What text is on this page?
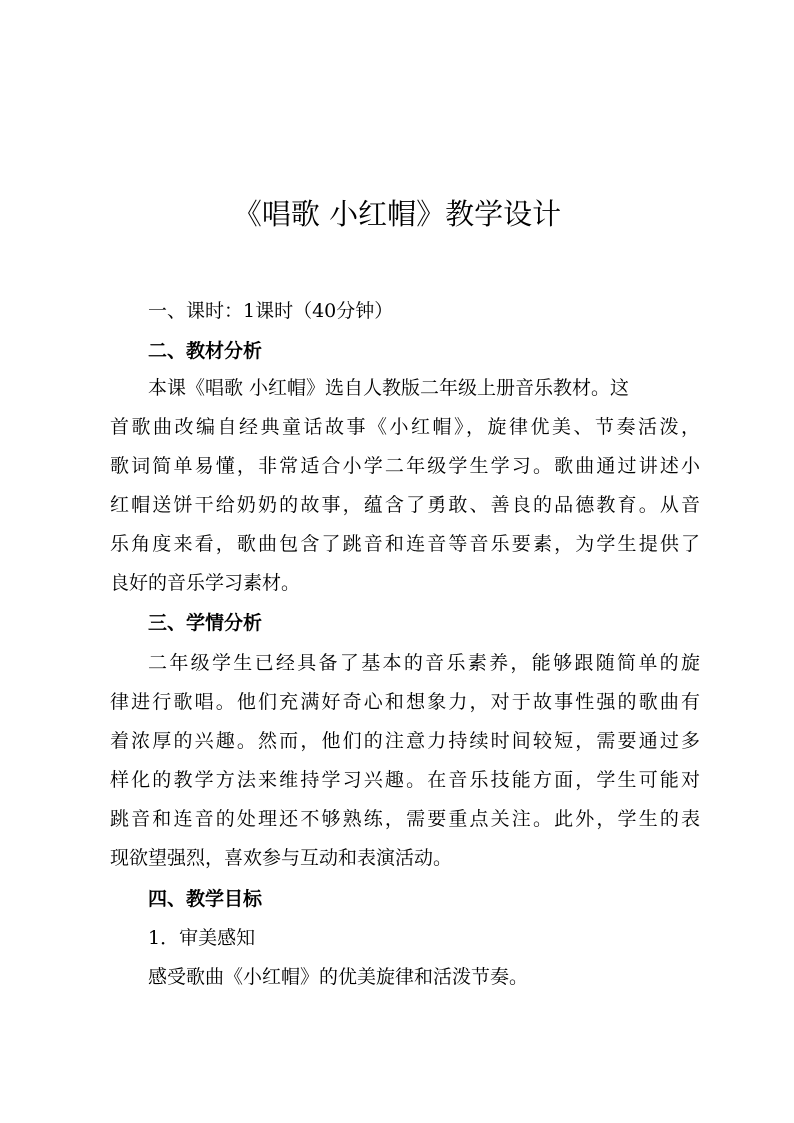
《唱歌 小红帽》教学设计
一、课时：1课时（40分钟）
二、教材分析
本课《唱歌 小红帽》选自人教版二年级上册音乐教材。这
首歌曲改编自经典童话故事《小红帽》，旋律优美、节奏活泼，
歌词简单易懂，非常适合小学二年级学生学习。歌曲通过讲述小
红帽送饼干给奶奶的故事，蕴含了勇敢、善良的品德教育。从音
乐角度来看，歌曲包含了跳音和连音等音乐要素，为学生提供了
良好的音乐学习素材。
三、学情分析
二年级学生已经具备了基本的音乐素养，能够跟随简单的旋
律进行歌唱。他们充满好奇心和想象力，对于故事性强的歌曲有
着浓厚的兴趣。然而，他们的注意力持续时间较短，需要通过多
样化的教学方法来维持学习兴趣。在音乐技能方面，学生可能对
跳音和连音的处理还不够熟练，需要重点关注。此外，学生的表
现欲望强烈，喜欢参与互动和表演活动。
四、教学目标
1．审美感知
感受歌曲《小红帽》的优美旋律和活泼节奏。
